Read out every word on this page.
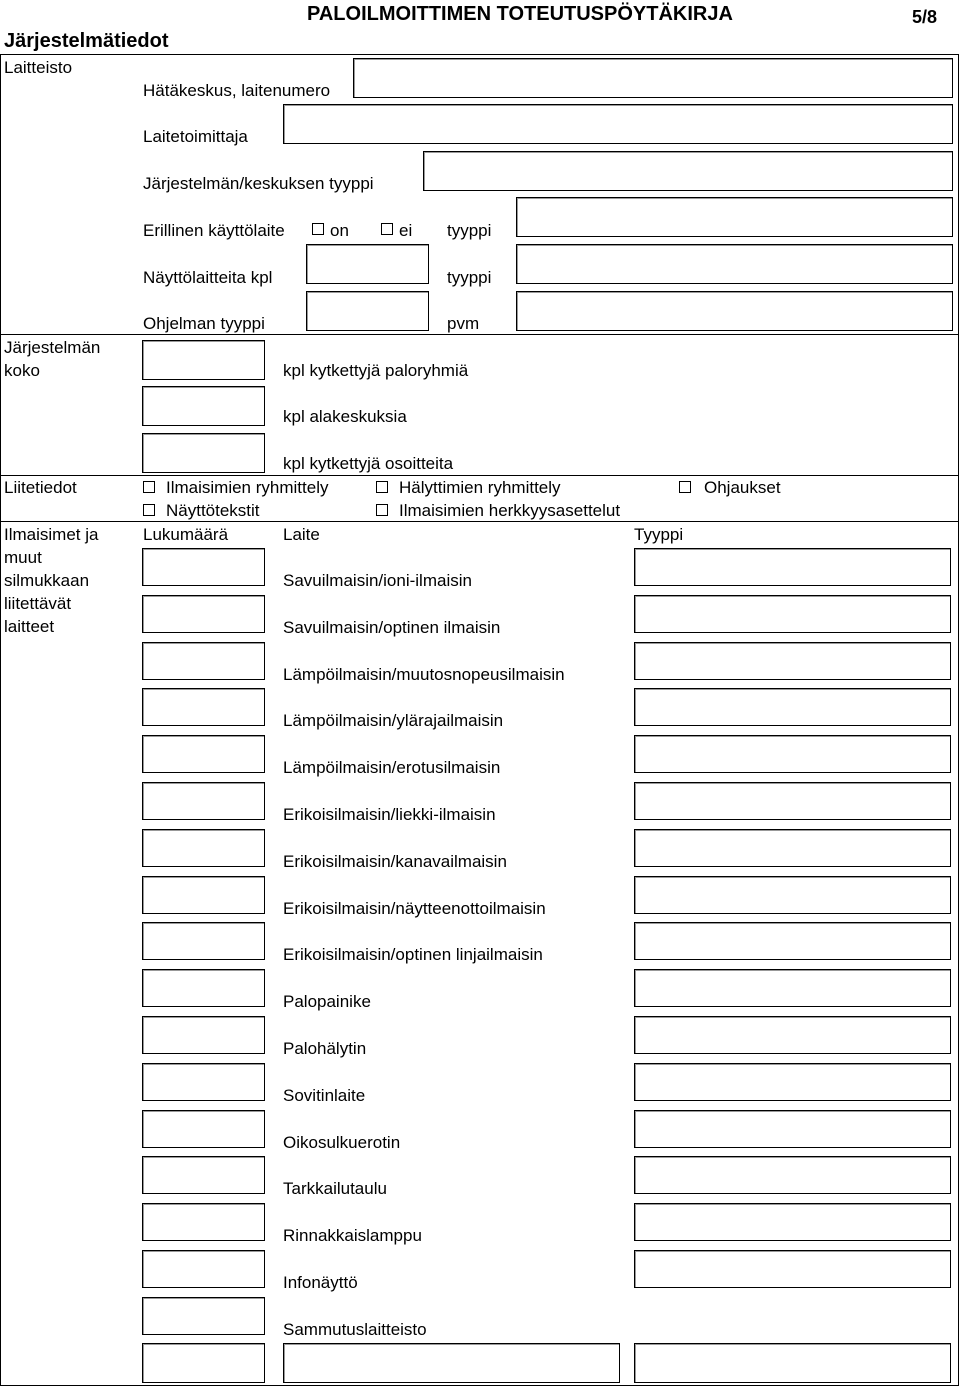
PALOILMOITTIMEN TOTEUTUSPÖYTÄKIRJA	5/8
Järjestelmätiedot
Laitteisto
Hätäkeskus, laitenumero
Laitetoimittaja
Järjestelmän/keskuksen tyyppi
Erillinen käyttölaite	on	ei tyyppi
Näyttölaitteita kpl	tyyppi
Ohjelman tyyppi	pvm
Järjestelmän koko	kpl kytkettyjä paloryhmiä
kpl alakeskuksia
kpl kytkettyjä osoitteita
Liitetiedot	Ilmaisimien ryhmittely	Hälyttimien ryhmittely	Ohjaukset
Näyttötekstit	Ilmaisimien herkkyysasettelut
Ilmaisimet ja muut silmukkaan liitettävät laitteet
Lukumäärä	Laite	Tyyppi
Savuilmaisin/ioni-ilmaisin
Savuilmaisin/optinen ilmaisin
Lämpöilmaisin/muutosnopeusilmaisin
Lämpöilmaisin/ylärajailmaisin
Lämpöilmaisin/erotusilmaisin
Erikoisilmaisin/liekki-ilmaisin
Erikoisilmaisin/kanavailmaisin
Erikoisilmaisin/näytteenottoilmaisin
Erikoisilmaisin/optinen linjailmaisin
Palopainike
Palohälytin
Sovitinlaite
Oikosulkuerotin
Tarkkailutaulu
Rinnakkaislamppu
Infonäyttö
Sammutuslaitteisto
